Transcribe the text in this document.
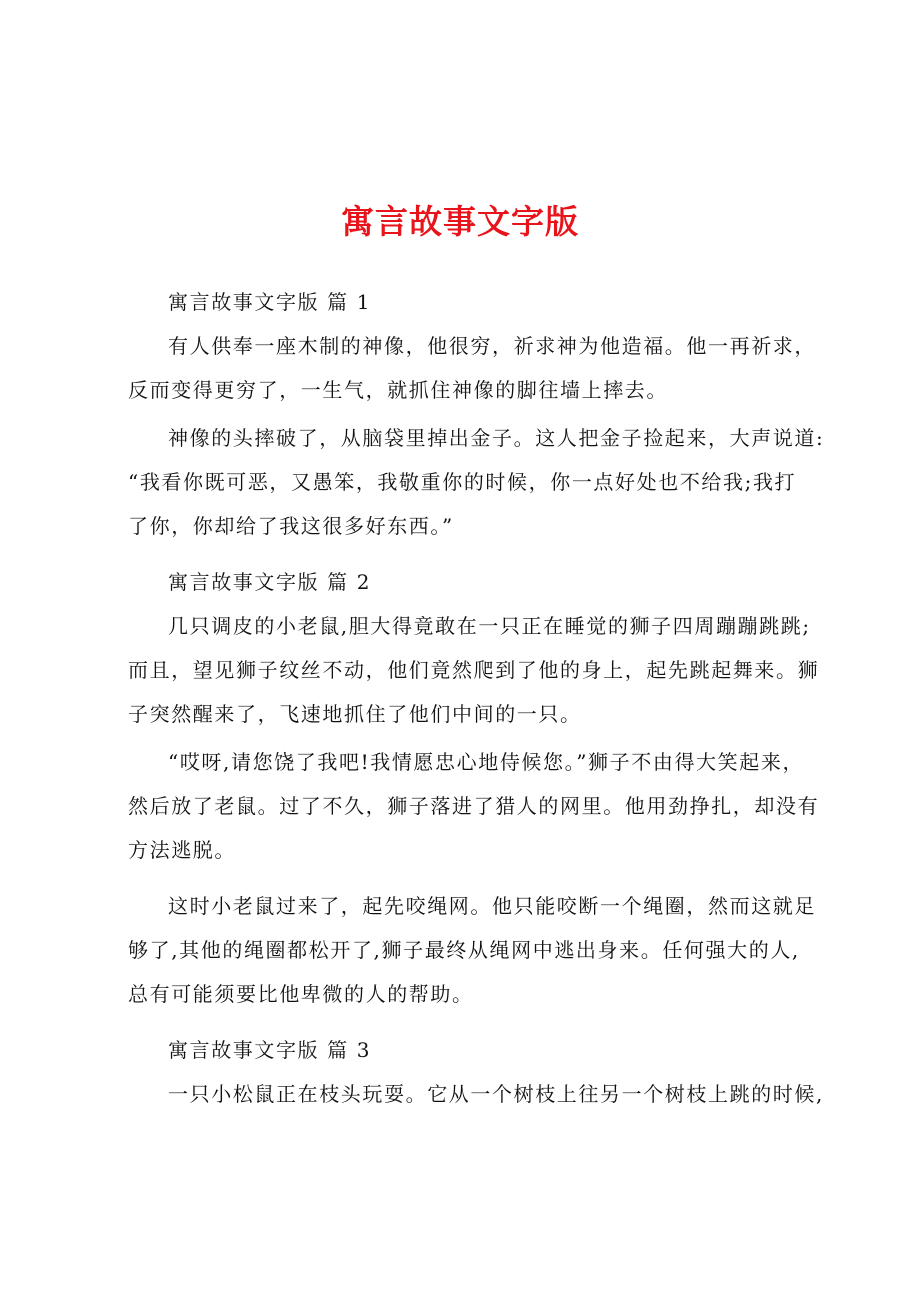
寓言故事文字版
寓言故事文字版 篇 1
有人供奉一座木制的神像，他很穷，祈求神为他造福。他一再祈求，
反而变得更穷了，一生气，就抓住神像的脚往墙上摔去。
神像的头摔破了，从脑袋里掉出金子。这人把金子捡起来，大声说道:
“我看你既可恶，又愚笨，我敬重你的时候，你一点好处也不给我;我打
了你，你却给了我这很多好东西。”
寓言故事文字版 篇 2
几只调皮的小老鼠,胆大得竟敢在一只正在睡觉的狮子四周蹦蹦跳跳;
而且，望见狮子纹丝不动，他们竟然爬到了他的身上，起先跳起舞来。狮
子突然醒来了，飞速地抓住了他们中间的一只。
“哎呀,请您饶了我吧!我情愿忠心地侍候您。”狮子不由得大笑起来，
然后放了老鼠。过了不久，狮子落进了猎人的网里。他用劲挣扎，却没有
方法逃脱。
这时小老鼠过来了，起先咬绳网。他只能咬断一个绳圈，然而这就足
够了,其他的绳圈都松开了,狮子最终从绳网中逃出身来。任何强大的人,
总有可能须要比他卑微的人的帮助。
寓言故事文字版 篇 3
一只小松鼠正在枝头玩耍。它从一个树枝上往另一个树枝上跳的时候,
